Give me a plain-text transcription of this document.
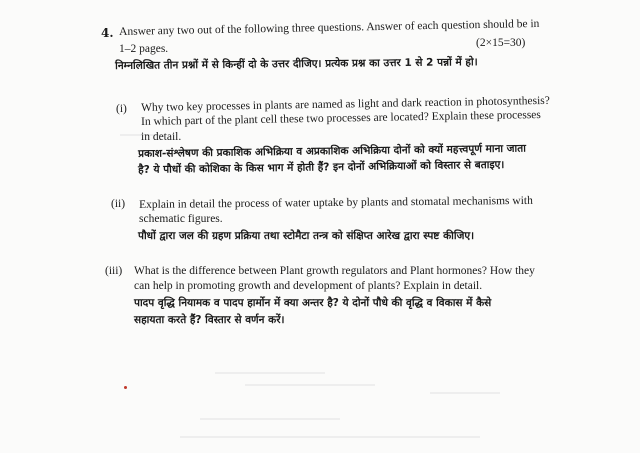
4. Answer any two out of the following three questions. Answer of each question should be in
1–2 pages.	(2×15=30)
निम्नलिखित तीन प्रश्नों में से किन्हीं दो के उत्तर दीजिए। प्रत्येक प्रश्न का उत्तर 1 से 2 पन्नों में हो।
(i) Why two key processes in plants are named as light and dark reaction in photosynthesis?
In which part of the plant cell these two processes are located? Explain these processes
in detail.
प्रकाश-संश्लेषण की प्रकाशिक अभिक्रिया व अप्रकाशिक अभिक्रिया दोनों को क्यों महत्त्वपूर्ण माना जाता
है? ये पौधों की कोशिका के किस भाग में होती हैं? इन दोनों अभिक्रियाओं को विस्तार से बताइए।
(ii) Explain in detail the process of water uptake by plants and stomatal mechanisms with
schematic figures.
पौधों द्वारा जल की ग्रहण प्रक्रिया तथा स्टोमैटा तन्त्र को संक्षिप्त आरेख द्वारा स्पष्ट कीजिए।
(iii) What is the difference between Plant growth regulators and Plant hormones? How they
can help in promoting growth and development of plants? Explain in detail.
पादप वृद्धि नियामक व पादप हार्मोन में क्या अन्तर है? ये दोनों पौधे की वृद्धि व विकास में कैसे
सहायता करते हैं? विस्तार से वर्णन करें।
